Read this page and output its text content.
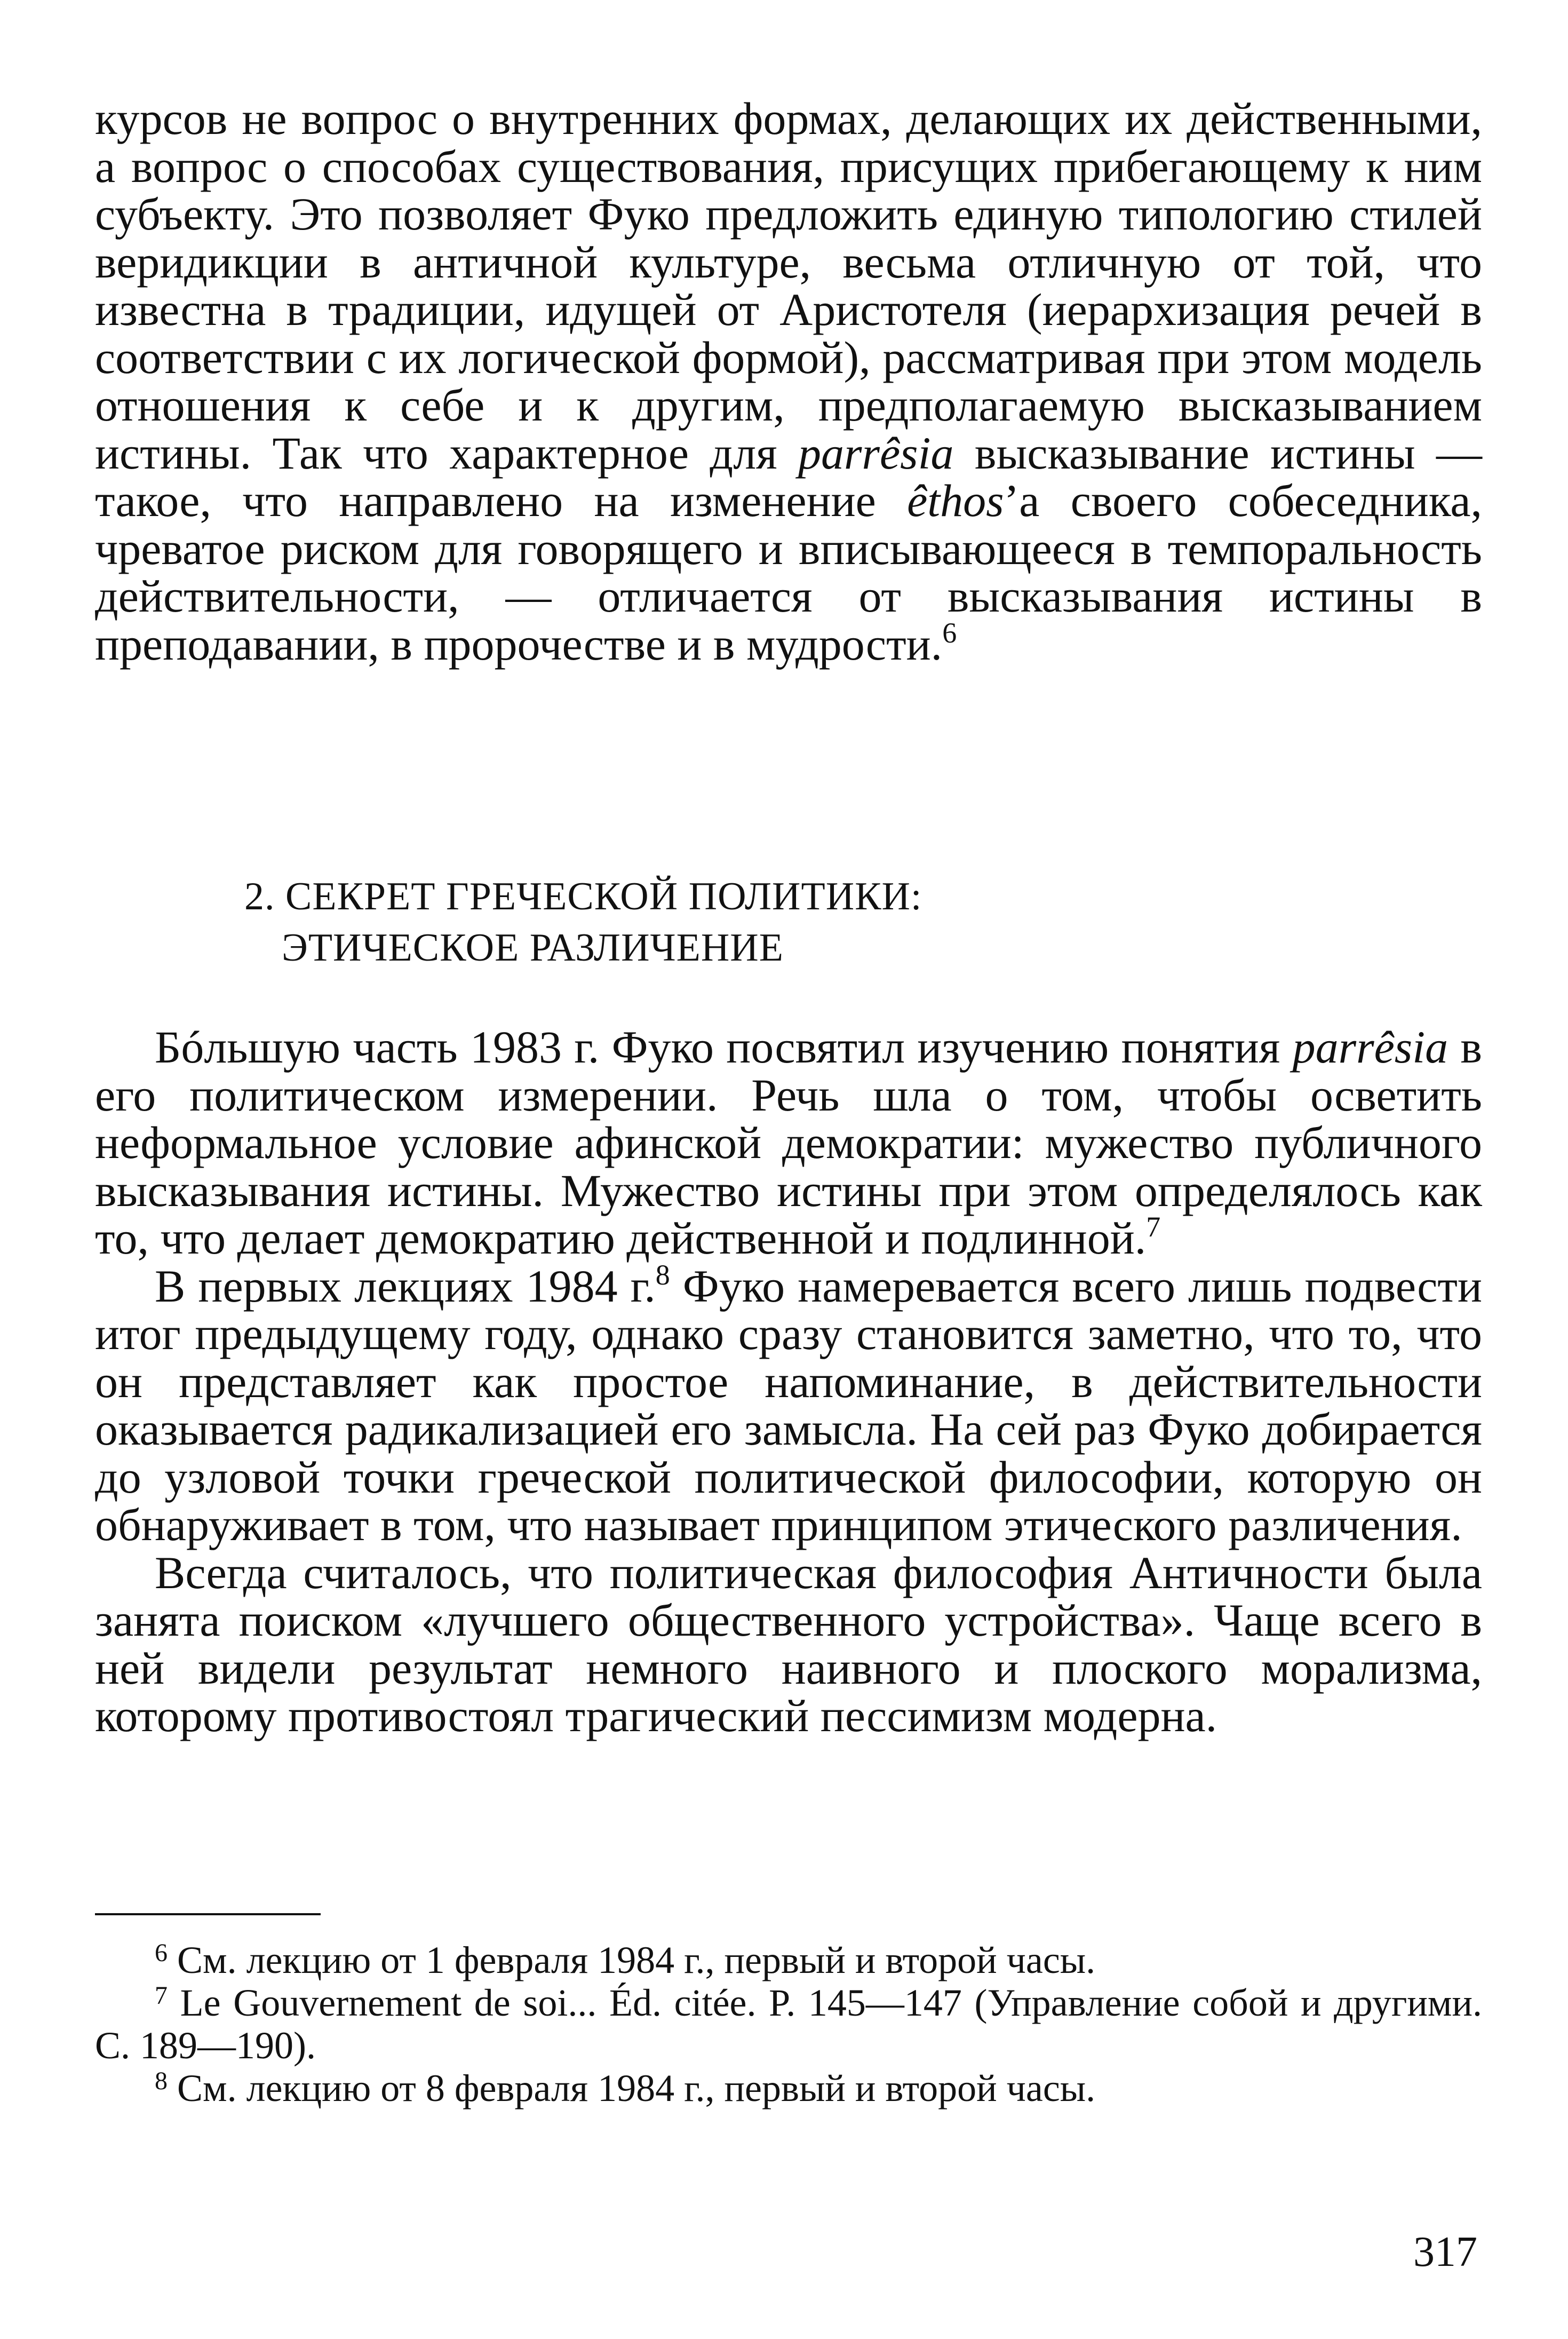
курсов не вопрос о внутренних формах, делающих их действенными, а вопрос о способах существования, присущих прибегающему к ним субъекту. Это позволяет Фуко предложить единую типологию стилей веридикции в античной культуре, весьма отличную от той, что известна в традиции, идущей от Аристотеля (иерархизация речей в соответствии с их логической формой), рассматривая при этом модель отношения к себе и к другим, предполагаемую высказыванием истины. Так что характерное для parrêsia высказывание истины — такое, что направлено на изменение êthos’а своего собеседника, чреватое риском для говорящего и вписывающееся в темпоральность действительности, — отличается от высказывания истины в преподавании, в пророчестве и в мудрости.$^6$

2. СЕКРЕТ ГРЕЧЕСКОЙ ПОЛИТИКИ:
ЭТИЧЕСКОЕ РАЗЛИЧЕНИЕ

Бóльшую часть 1983 г. Фуко посвятил изучению понятия parrêsia в его политическом измерении. Речь шла о том, чтобы осветить неформальное условие афинской демократии: мужество публичного высказывания истины. Мужество истины при этом определялось как то, что делает демократию действенной и подлинной.$^7$

В первых лекциях 1984 г.$^8$ Фуко намеревается всего лишь подвести итог предыдущему году, однако сразу становится заметно, что то, что он представляет как простое напоминание, в действительности оказывается радикализацией его замысла. На сей раз Фуко добирается до узловой точки греческой политической философии, которую он обнаруживает в том, что называет принципом этического различения.

Всегда считалось, что политическая философия Античности была занята поиском «лучшего общественного устройства». Чаще всего в ней видели результат немного наивного и плоского морализма, которому противостоял трагический пессимизм модерна.

$^6$ См. лекцию от 1 февраля 1984 г., первый и второй часы.

$^7$ Le Gouvernement de soi... Éd. citée. P. 145—147 (Управление собой и другими. С. 189—190).

$^8$ См. лекцию от 8 февраля 1984 г., первый и второй часы.

317
